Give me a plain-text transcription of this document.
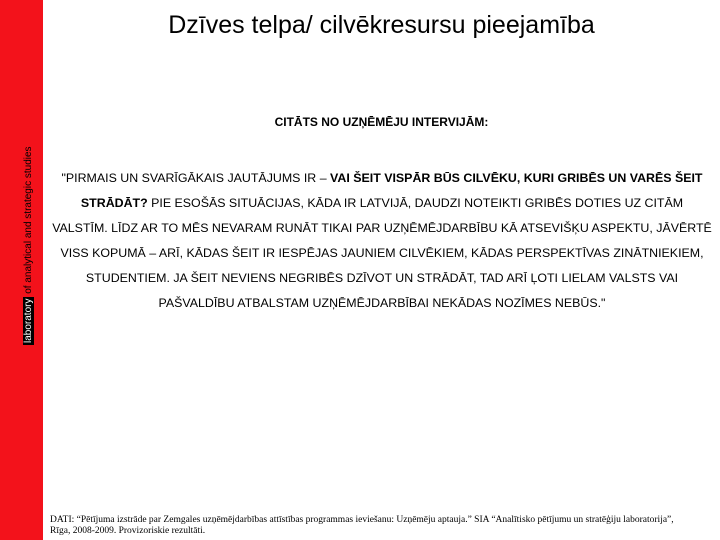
laboratory of analytical and strategic studies
Dzīves telpa/ cilvēkresursu pieejamība
CITĀTS NO UZŅĒMĒJU INTERVIJĀM:
"PIRMAIS UN SVARĪGĀKAIS JAUTĀJUMS IR – VAI ŠEIT VISPĀR BŪS CILVĒKU, KURI GRIBĒS UN VARĒS ŠEIT STRĀDĀT? PIE ESOŠĀS SITUĀCIJAS, KĀDA IR LATVIJĀ, DAUDZI NOTEIKTI GRIBĒS DOTIES UZ CITĀM VALSTĪM. LĪDZ AR TO MĒS NEVARAM RUNĀT TIKAI PAR UZŅĒMĒJDARBĪBU KĀ ATSEVIŠĶU ASPEKTU, JĀVĒRTĒ VISS KOPUMĀ – ARĪ, KĀDAS ŠEIT IR IESPĒJAS JAUNIEM CILVĒKIEM, KĀDAS PERSPEKTĪVAS ZINĀTNIEKIEM, STUDENTIEM. JA ŠEIT NEVIENS NEGRIBĒS DZĪVOT UN STRĀDĀT, TAD ARĪ ĻOTI LIELAM VALSTS VAI PAŠVALDĪBU ATBALSTAM UZŅĒMĒJDARBĪBAI NEKĀDAS NOZĪMES NEBŪS."
DATI: “Pētījuma izstrāde par Zemgales uzņēmējdarbības attīstības programmas ieviešanu: Uzņēmēju aptauja.” SIA “Analītisko pētījumu un stratēģiju laboratorija”, Rīga, 2008-2009. Provizoriskie rezultāti.
